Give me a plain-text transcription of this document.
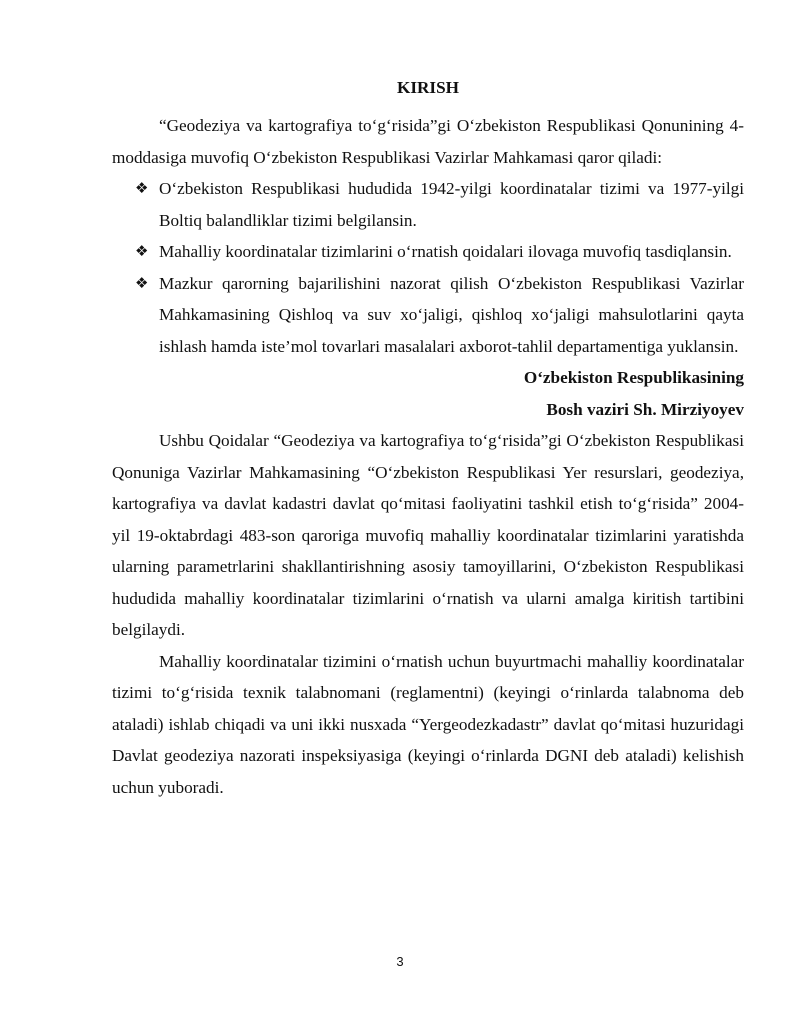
KIRISH

“Geodeziya va kartografiya to‘g‘risida”gi O‘zbekiston Respublikasi Qonunining 4-moddasiga muvofiq O‘zbekiston Respublikasi Vazirlar Mahkamasi qaror qiladi:

❖ O‘zbekiston Respublikasi hududida 1942-yilgi koordinatalar tizimi va 1977-yilgi Boltiq balandliklar tizimi belgilansin.
❖ Mahalliy koordinatalar tizimlarini o‘rnatish qoidalari ilovaga muvofiq tasdiqlansin.
❖ Mazkur qarorning bajarilishini nazorat qilish O‘zbekiston Respublikasi Vazirlar Mahkamasining Qishloq va suv xo‘jaligi, qishloq xo‘jaligi mahsulotlarini qayta ishlash hamda iste’mol tovarlari masalalari axborot-tahlil departamentiga yuklansin.

O‘zbekiston Respublikasining

Bosh vaziri Sh. Mirziyoyev

Ushbu Qoidalar “Geodeziya va kartografiya to‘g‘risida”gi O‘zbekiston Respublikasi Qonuniga Vazirlar Mahkamasining “O‘zbekiston Respublikasi Yer resurslari, geodeziya, kartografiya va davlat kadastri davlat qo‘mitasi faoliyatini tashkil etish to‘g‘risida” 2004-yil 19-oktabrdagi 483-son qaroriga muvofiq mahalliy koordinatalar tizimlarini yaratishda ularning parametrlarini shakllantirishning asosiy tamoyillarini, O‘zbekiston Respublikasi hududida mahalliy koordinatalar tizimlarini o‘rnatish va ularni amalga kiritish tartibini belgilaydi.

Mahalliy koordinatalar tizimini o‘rnatish uchun buyurtmachi mahalliy koordinatalar tizimi to‘g‘risida texnik talabnomani (reglamentni) (keyingi o‘rinlarda talabnoma deb ataladi) ishlab chiqadi va uni ikki nusxada “Yergeodezkadastr” davlat qo‘mitasi huzuridagi Davlat geodeziya nazorati inspeksiyasiga (keyingi o‘rinlarda DGNI deb ataladi) kelishish uchun yuboradi.

3
